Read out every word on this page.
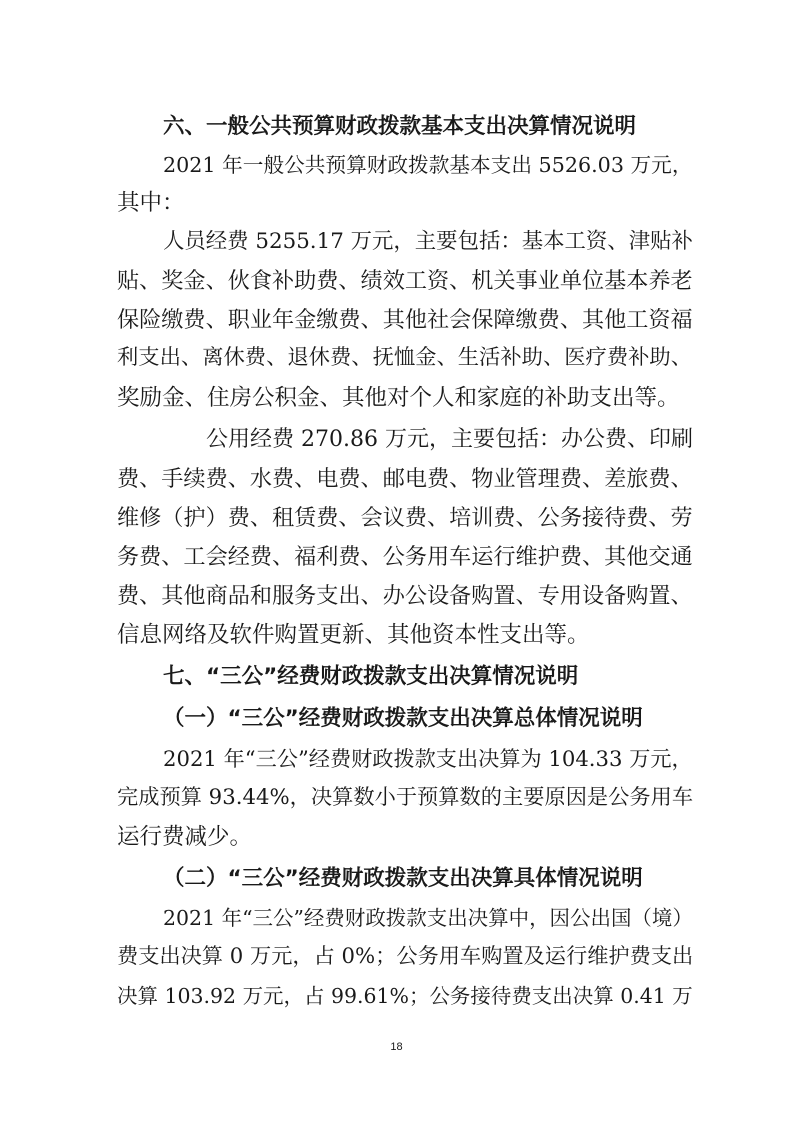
六、一般公共预算财政拨款基本支出决算情况说明
2021 年一般公共预算财政拨款基本支出 5526.03 万元，
其中：
人员经费 5255.17 万元，主要包括：基本工资、津贴补
贴、奖金、伙食补助费、绩效工资、机关事业单位基本养老
保险缴费、职业年金缴费、其他社会保障缴费、其他工资福
利支出、离休费、退休费、抚恤金、生活补助、医疗费补助、
奖励金、住房公积金、其他对个人和家庭的补助支出等。
公用经费 270.86 万元，主要包括：办公费、印刷
费、手续费、水费、电费、邮电费、物业管理费、差旅费、
维修（护）费、租赁费、会议费、培训费、公务接待费、劳
务费、工会经费、福利费、公务用车运行维护费、其他交通
费、其他商品和服务支出、办公设备购置、专用设备购置、
信息网络及软件购置更新、其他资本性支出等。
七、“三公”经费财政拨款支出决算情况说明
（一）“三公”经费财政拨款支出决算总体情况说明
2021 年“三公”经费财政拨款支出决算为 104.33 万元，
完成预算 93.44%，决算数小于预算数的主要原因是公务用车
运行费减少。
（二）“三公”经费财政拨款支出决算具体情况说明
2021 年“三公”经费财政拨款支出决算中，因公出国（境）
费支出决算 0 万元，占 0%；公务用车购置及运行维护费支出
决算 103.92 万元，占 99.61%；公务接待费支出决算 0.41 万
18
